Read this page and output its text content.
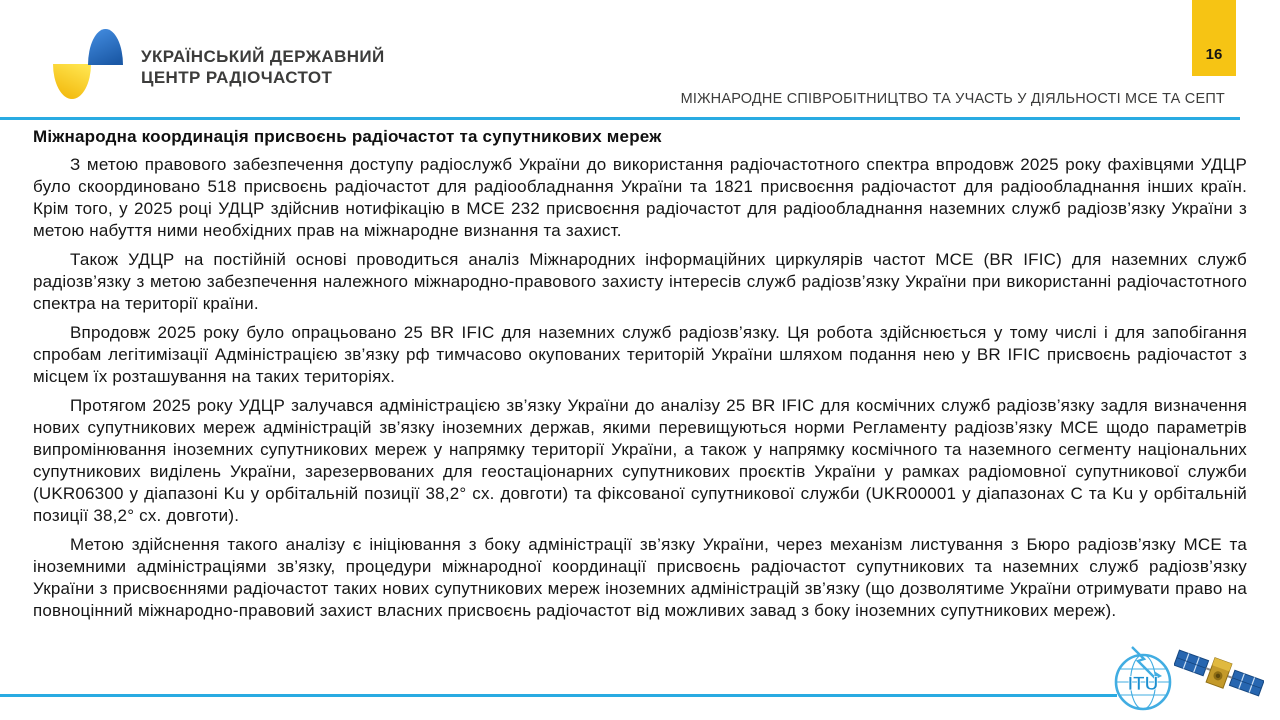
УКРАЇНСЬКИЙ ДЕРЖАВНИЙ
ЦЕНТР РАДІОЧАСТОТ
16
МІЖНАРОДНЕ СПІВРОБІТНИЦТВО ТА УЧАСТЬ У ДІЯЛЬНОСТІ МСЕ ТА СЕПТ
Міжнародна координація присвоєнь радіочастот та супутникових мереж

З метою правового забезпечення доступу радіослужб України до використання радіочастотного спектра впродовж 2025 року фахівцями УДЦР було скоординовано 518 присвоєнь радіочастот для радіообладнання України та 1821 присвоєння радіочастот для радіообладнання інших країн. Крім того, у 2025 році УДЦР здійснив нотифікацію в МСЕ 232 присвоєння радіочастот для радіообладнання наземних служб радіозв’язку України з метою набуття ними необхідних прав на міжнародне визнання та захист.

Також УДЦР на постійній основі проводиться аналіз Міжнародних інформаційних циркулярів частот МСЕ (BR IFIC) для наземних служб радіозв’язку з метою забезпечення належного міжнародно-правового захисту інтересів служб радіозв’язку України при використанні радіочастотного спектра на території країни.

Впродовж 2025 року було опрацьовано 25 BR IFIC для наземних служб радіозв’язку. Ця робота здійснюється у тому числі і для запобігання спробам легітимізації Адміністрацією зв’язку рф тимчасово окупованих територій України шляхом подання нею у BR IFIC присвоєнь радіочастот з місцем їх розташування на таких територіях.

Протягом 2025 року УДЦР залучався адміністрацією зв’язку України до аналізу 25 BR IFIC для космічних служб радіозв’язку задля визначення нових супутникових мереж адміністрацій зв’язку іноземних держав, якими перевищуються норми Регламенту радіозв’язку МСЕ щодо параметрів випромінювання іноземних супутникових мереж у напрямку території України, а також у напрямку космічного та наземного сегменту національних супутникових виділень України, зарезервованих для геостаціонарних супутникових проєктів України у рамках радіомовної супутникової служби (UKR06300 у діапазоні Ku у орбітальній позиції 38,2° сх. довготи) та фіксованої супутникової служби (UKR00001 у діапазонах C та Ku у орбітальній позиції 38,2° сх. довготи).

Метою здійснення такого аналізу є ініціювання з боку адміністрації зв’язку України, через механізм листування з Бюро радіозв’язку МСЕ та іноземними адміністраціями зв’язку, процедури міжнародної координації присвоєнь радіочастот супутникових та наземних служб радіозв’язку України з присвоєннями радіочастот таких нових супутникових мереж іноземних адміністрацій зв’язку (що дозволятиме України отримувати право на повноцінний міжнародно-правовий захист власних присвоєнь радіочастот від можливих завад з боку іноземних супутникових мереж).

ITU
